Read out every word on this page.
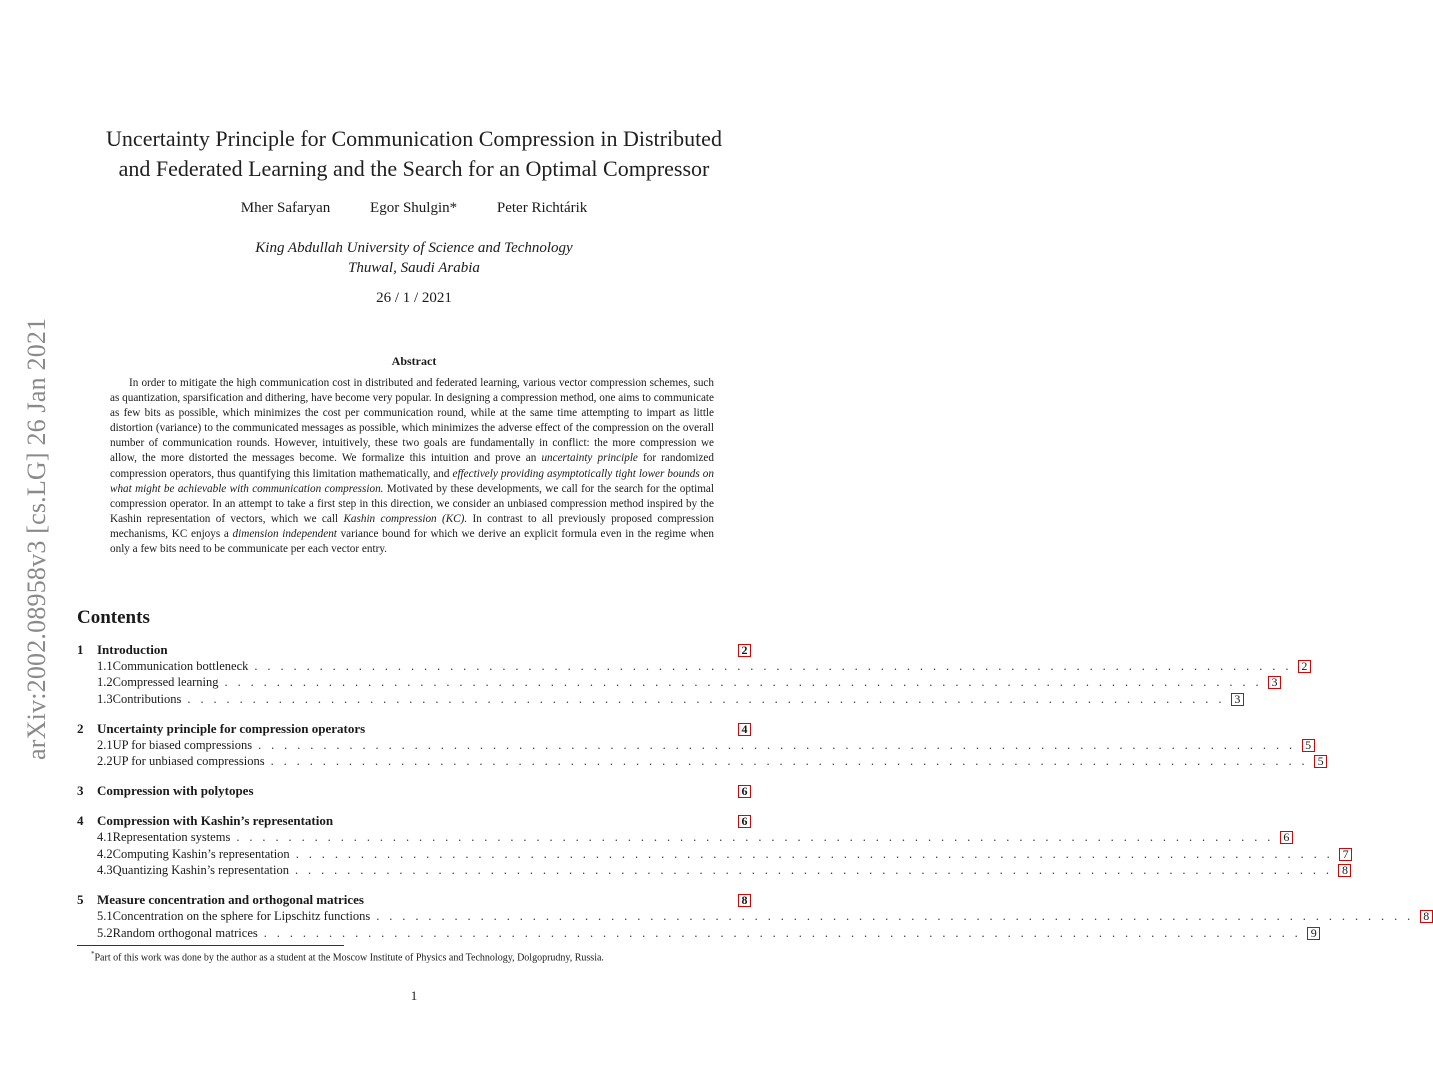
arXiv:2002.08958v3 [cs.LG] 26 Jan 2021
Uncertainty Principle for Communication Compression in Distributed
and Federated Learning and the Search for an Optimal Compressor
Mher Safaryan	Egor Shulgin*	Peter Richtárik
King Abdullah University of Science and Technology
Thuwal, Saudi Arabia
26 / 1 / 2021
Abstract
In order to mitigate the high communication cost in distributed and federated learning, various vector compression schemes, such as quantization, sparsification and dithering, have become very popular. In designing a compression method, one aims to communicate as few bits as possible, which minimizes the cost per communication round, while at the same time attempting to impart as little distortion (variance) to the communicated messages as possible, which minimizes the adverse effect of the compression on the overall number of communication rounds. However, intuitively, these two goals are fundamentally in conflict: the more compression we allow, the more distorted the messages become. We formalize this intuition and prove an uncertainty principle for randomized compression operators, thus quantifying this limitation mathematically, and effectively providing asymptotically tight lower bounds on what might be achievable with communication compression. Motivated by these developments, we call for the search for the optimal compression operator. In an attempt to take a first step in this direction, we consider an unbiased compression method inspired by the Kashin representation of vectors, which we call Kashin compression (KC). In contrast to all previously proposed compression mechanisms, KC enjoys a dimension independent variance bound for which we derive an explicit formula even in the regime when only a few bits need to be communicate per each vector entry.
Contents
1	Introduction	2
1.1 Communication bottleneck . . . . . . . . . . . . . . . . . . . . . . . . . . . . . . . . . . . . . . . . . . . . . . . . . . . . . . . . . . . . . . . . . . . . . . . . . . . . . . . . 2
1.2 Compressed learning . . . . . . . . . . . . . . . . . . . . . . . . . . . . . . . . . . . . . . . . . . . . . . . . . . . . . . . . . . . . . . . . . . . . . . . . . . . . . . . . 3
1.3 Contributions . . . . . . . . . . . . . . . . . . . . . . . . . . . . . . . . . . . . . . . . . . . . . . . . . . . . . . . . . . . . . . . . . . . . . . . . . . . . . . . . 3
2	Uncertainty principle for compression operators	4
2.1 UP for biased compressions . . . . . . . . . . . . . . . . . . . . . . . . . . . . . . . . . . . . . . . . . . . . . . . . . . . . . . . . . . . . . . . . . . . . . . . . . . . . . . . . 5
2.2 UP for unbiased compressions . . . . . . . . . . . . . . . . . . . . . . . . . . . . . . . . . . . . . . . . . . . . . . . . . . . . . . . . . . . . . . . . . . . . . . . . . . . . . . . . 5
3	Compression with polytopes	6
4	Compression with Kashin’s representation	6
4.1 Representation systems . . . . . . . . . . . . . . . . . . . . . . . . . . . . . . . . . . . . . . . . . . . . . . . . . . . . . . . . . . . . . . . . . . . . . . . . . . . . . . . . 6
4.2 Computing Kashin’s representation . . . . . . . . . . . . . . . . . . . . . . . . . . . . . . . . . . . . . . . . . . . . . . . . . . . . . . . . . . . . . . . . . . . . . . . . . . . . . . . . 7
4.3 Quantizing Kashin’s representation . . . . . . . . . . . . . . . . . . . . . . . . . . . . . . . . . . . . . . . . . . . . . . . . . . . . . . . . . . . . . . . . . . . . . . . . . . . . . . . . 8
5	Measure concentration and orthogonal matrices	8
5.1 Concentration on the sphere for Lipschitz functions . . . . . . . . . . . . . . . . . . . . . . . . . . . . . . . . . . . . . . . . . . . . . . . . . . . . . . . . . . . . . . . . . . . . . . . . . . . . . . . . 8
5.2 Random orthogonal matrices . . . . . . . . . . . . . . . . . . . . . . . . . . . . . . . . . . . . . . . . . . . . . . . . . . . . . . . . . . . . . . . . . . . . . . . . . . . . . . . . 9
*Part of this work was done by the author as a student at the Moscow Institute of Physics and Technology, Dolgoprudny, Russia.
1
